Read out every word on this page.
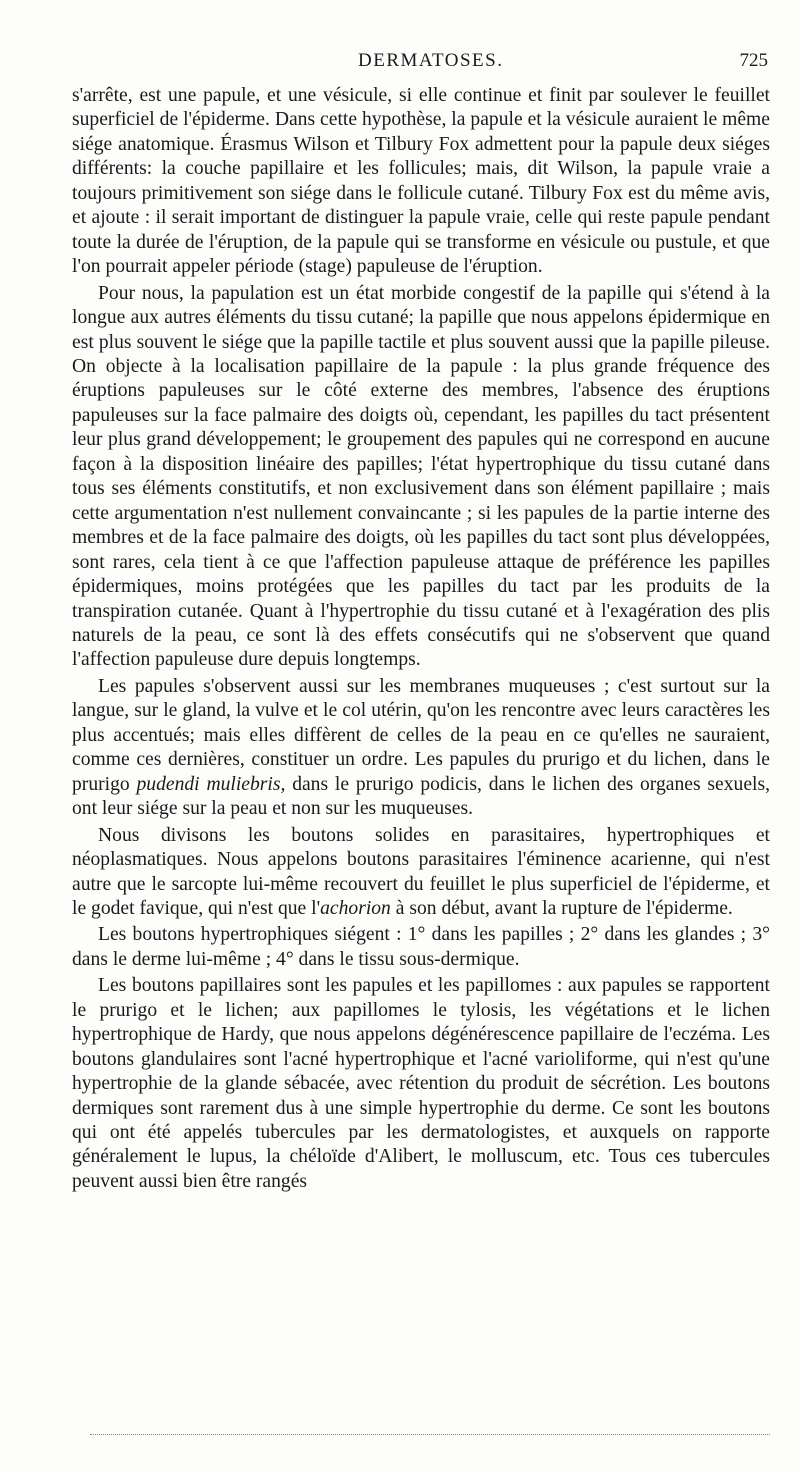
DERMATOSES.	725

s'arrête, est une papule, et une vésicule, si elle continue et finit par soulever le feuillet superficiel de l'épiderme. Dans cette hypothèse, la papule et la vésicule auraient le même siége anatomique. Érasmus Wilson et Tilbury Fox admettent pour la papule deux siéges différents: la couche papillaire et les follicules; mais, dit Wilson, la papule vraie a toujours primitivement son siége dans le follicule cutané. Tilbury Fox est du même avis, et ajoute : il serait important de distinguer la papule vraie, celle qui reste papule pendant toute la durée de l'éruption, de la papule qui se transforme en vésicule ou pustule, et que l'on pourrait appeler période (stage) papuleuse de l'éruption.

Pour nous, la papulation est un état morbide congestif de la papille qui s'étend à la longue aux autres éléments du tissu cutané; la papille que nous appelons épidermique en est plus souvent le siége que la papille tactile et plus souvent aussi que la papille pileuse. On objecte à la localisation papillaire de la papule : la plus grande fréquence des éruptions papuleuses sur le côté externe des membres, l'absence des éruptions papuleuses sur la face palmaire des doigts où, cependant, les papilles du tact présentent leur plus grand développement; le groupement des papules qui ne correspond en aucune façon à la disposition linéaire des papilles; l'état hypertrophique du tissu cutané dans tous ses éléments constitutifs, et non exclusivement dans son élément papillaire ; mais cette argumentation n'est nullement convaincante ; si les papules de la partie interne des membres et de la face palmaire des doigts, où les papilles du tact sont plus développées, sont rares, cela tient à ce que l'affection papuleuse attaque de préférence les papilles épidermiques, moins protégées que les papilles du tact par les produits de la transpiration cutanée. Quant à l'hypertrophie du tissu cutané et à l'exagération des plis naturels de la peau, ce sont là des effets consécutifs qui ne s'observent que quand l'affection papuleuse dure depuis longtemps.

Les papules s'observent aussi sur les membranes muqueuses ; c'est surtout sur la langue, sur le gland, la vulve et le col utérin, qu'on les rencontre avec leurs caractères les plus accentués; mais elles diffèrent de celles de la peau en ce qu'elles ne sauraient, comme ces dernières, constituer un ordre. Les papules du prurigo et du lichen, dans le prurigo pudendi muliebris, dans le prurigo podicis, dans le lichen des organes sexuels, ont leur siége sur la peau et non sur les muqueuses.

Nous divisons les boutons solides en parasitaires, hypertrophiques et néoplasmatiques. Nous appelons boutons parasitaires l'éminence acarienne, qui n'est autre que le sarcopte lui-même recouvert du feuillet le plus superficiel de l'épiderme, et le godet favique, qui n'est que l'achorion à son début, avant la rupture de l'épiderme.

Les boutons hypertrophiques siégent : 1° dans les papilles ; 2° dans les glandes ; 3° dans le derme lui-même ; 4° dans le tissu sous-dermique.

Les boutons papillaires sont les papules et les papillomes : aux papules se rapportent le prurigo et le lichen; aux papillomes le tylosis, les végétations et le lichen hypertrophique de Hardy, que nous appelons dégénérescence papillaire de l'eczéma. Les boutons glandulaires sont l'acné hypertrophique et l'acné varioliforme, qui n'est qu'une hypertrophie de la glande sébacée, avec rétention du produit de sécrétion. Les boutons dermiques sont rarement dus à une simple hypertrophie du derme. Ce sont les boutons qui ont été appelés tubercules par les dermatologistes, et auxquels on rapporte généralement le lupus, la chéloïde d'Alibert, le molluscum, etc. Tous ces tubercules peuvent aussi bien être rangés
